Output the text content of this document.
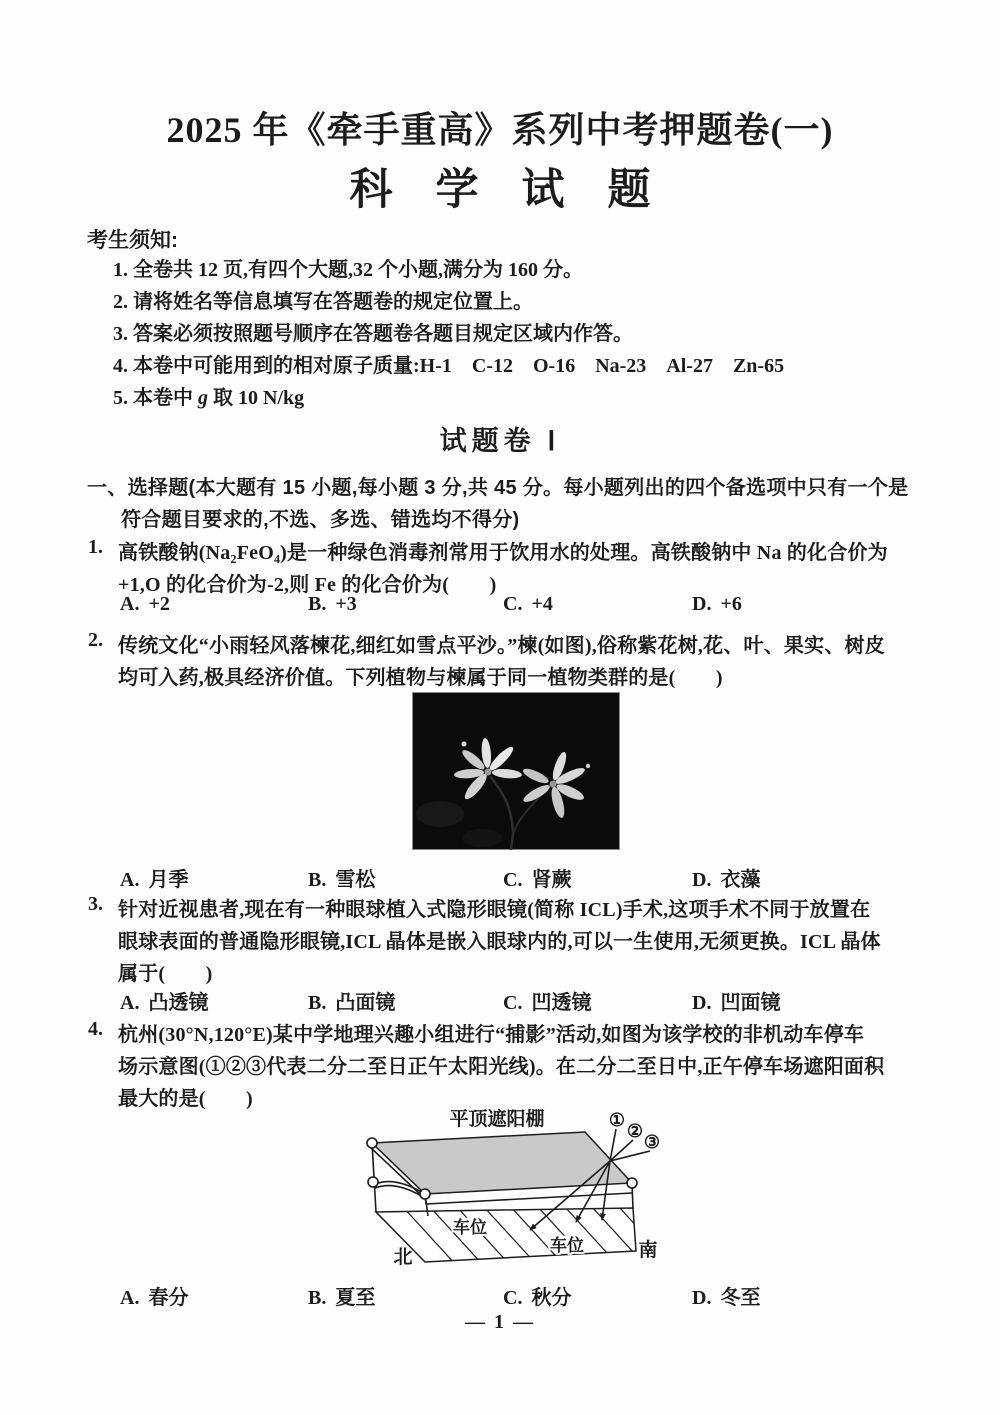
2025 年《牵手重高》系列中考押题卷(一)
科　学　试　题
考生须知:
1. 全卷共 12 页,有四个大题,32 个小题,满分为 160 分。
2. 请将姓名等信息填写在答题卷的规定位置上。
3. 答案必须按照题号顺序在答题卷各题目规定区域内作答。
4. 本卷中可能用到的相对原子质量:H-1　C-12　O-16　Na-23　Al-27　Zn-65
5. 本卷中 g 取 10 N/kg
试题卷 Ⅰ
一、选择题(本大题有 15 小题,每小题 3 分,共 45 分。每小题列出的四个备选项中只有一个是
符合题目要求的,不选、多选、错选均不得分)
1. 高铁酸钠(Na₂FeO₄)是一种绿色消毒剂常用于饮用水的处理。高铁酸钠中 Na 的化合价为
+1,O 的化合价为-2,则 Fe 的化合价为(　　)
A. +2	B. +3	C. +4	D. +6
2. 传统文化“小雨轻风落楝花,细红如雪点平沙。”楝(如图),俗称紫花树,花、叶、果实、树皮
均可入药,极具经济价值。下列植物与楝属于同一植物类群的是(　　)
A. 月季	B. 雪松	C. 肾蕨	D. 衣藻
3. 针对近视患者,现在有一种眼球植入式隐形眼镜(简称 ICL)手术,这项手术不同于放置在
眼球表面的普通隐形眼镜,ICL 晶体是嵌入眼球内的,可以一生使用,无须更换。ICL 晶体
属于(　　)
A. 凸透镜	B. 凸面镜	C. 凹透镜	D. 凹面镜
4. 杭州(30°N,120°E)某中学地理兴趣小组进行“捕影”活动,如图为该学校的非机动车停车
场示意图(①②③代表二分二至日正午太阳光线)。在二分二至日中,正午停车场遮阳面积
最大的是(　　)
平顶遮阳棚	①
②
③
车位
车位
北	南
A. 春分	B. 夏至	C. 秋分	D. 冬至
— 1 —
